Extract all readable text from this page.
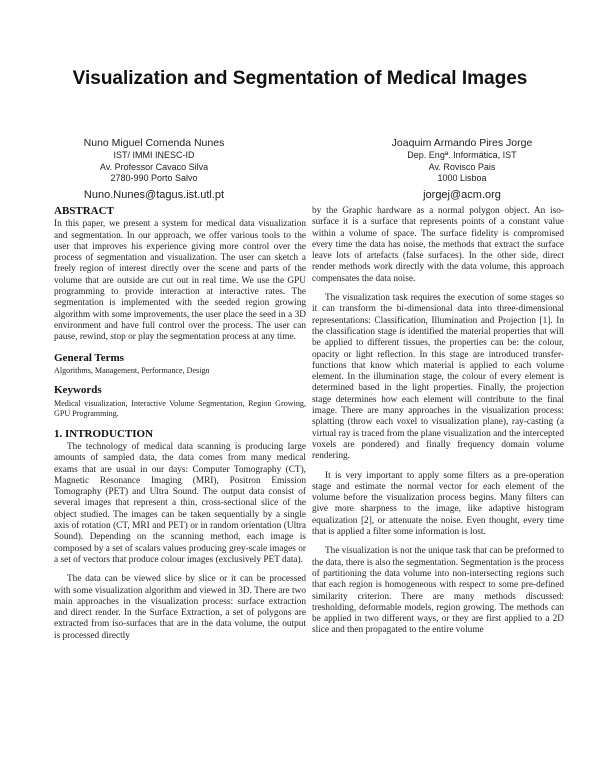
Visualization and Segmentation of Medical Images
Nuno Miguel Comenda Nunes
IST/ IMMI INESC-ID
Av. Professor Cavaco Silva
2780-990 Porto Salvo
Nuno.Nunes@tagus.ist.utl.pt
Joaquim Armando Pires Jorge
Dep. Engª. Informática, IST
Av. Rovisco Pais
1000 Lisboa
jorgej@acm.org
ABSTRACT

In this paper, we present a system for medical data visualization and segmentation. In our approach, we offer various tools to the user that improves his experience giving more control over the process of segmentation and visualization. The user can sketch a freely region of interest directly over the scene and parts of the volume that are outside are cut out in real time. We use the GPU programming to provide interaction at interactive rates. The segmentation is implemented with the seeded region growing algorithm with some improvements, the user place the seed in a 3D environment and have full control over the process. The user can pause, rewind, stop or play the segmentation process at any time.

General Terms

Algorithms, Management, Performance, Design

Keywords

Medical visualization, Interactive Volume Segmentation, Region Growing, GPU Programming.

1. INTRODUCTION

The technology of medical data scanning is producing large amounts of sampled data, the data comes from many medical exams that are usual in our days: Computer Tomography (CT), Magnetic Resonance Imaging (MRI), Positron Emission Tomography (PET) and Ultra Sound. The output data consist of several images that represent a thin, cross-sectional slice of the object studied. The images can be taken sequentially by a single axis of rotation (CT, MRI and PET) or in random orientation (Ultra Sound). Depending on the scanning method, each image is composed by a set of scalars values producing grey-scale images or a set of vectors that produce colour images (exclusively PET data).

The data can be viewed slice by slice or it can be processed with some visualization algorithm and viewed in 3D. There are two main approaches in the visualization process: surface extraction and direct render. In the Surface Extraction, a set of polygons are extracted from iso-surfaces that are in the data volume, the output is processed directly

by the Graphic hardware as a normal polygon object. An iso-surface it is a surface that represents points of a constant value within a volume of space. The surface fidelity is compromised every time the data has noise, the methods that extract the surface leave lots of artefacts (false surfaces). In the other side, direct render methods work directly with the data volume, this approach compensates the data noise.

The visualization task requires the execution of some stages so it can transform the bi-dimensional data into three-dimensional representations: Classification, Illumination and Projection [1]. In the classification stage is identified the material properties that will be applied to different tissues, the properties can be: the colour, opacity or light reflection. In this stage are introduced transfer-functions that know which material is applied to each volume element. In the illumination stage, the colour of every element is determined based in the light properties. Finally, the projection stage determines how each element will contribute to the final image. There are many approaches in the visualization process: splatting (throw each voxel to visualization plane), ray-casting (a virtual ray is traced from the plane visualization and the intercepted voxels are pondered) and finally frequency domain volume rendering.

It is very important to apply some filters as a pre-operation stage and estimate the normal vector for each element of the volume before the visualization process begins. Many filters can give more sharpness to the image, like adaptive histogram equalization [2], or attenuate the noise. Even thought, every time that is applied a filter some information is lost.

The visualization is not the unique task that can be preformed to the data, there is also the segmentation. Segmentation is the process of partitioning the data volume into non-intersecting regions such that each region is homogeneous with respect to some pre-defined similarity criterion. There are many methods discussed: tresholding, deformable models, region growing. The methods can be applied in two different ways, or they are first applied to a 2D slice and then propagated to the entire volume
